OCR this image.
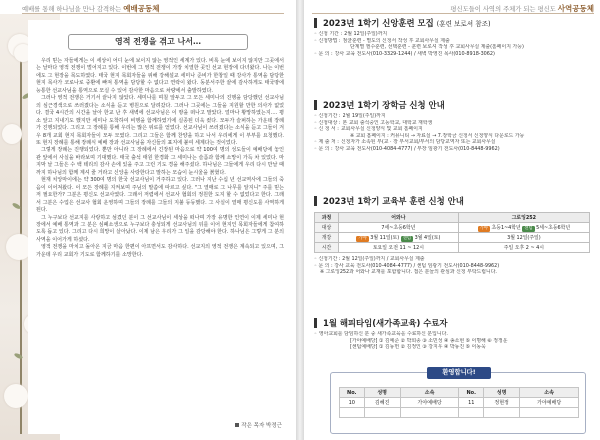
예배를 통해 하나님을 만나 감격하는 예배공동체
영적 전쟁을 겪고 나서…

우리 믿는 자들에게는 이 세상이 어디 눈에 보이지 않는 영적인 세계가 있다. 비록 눈에 보이지 않지만 그곳에서는 날마다 영적 전쟁이 벌어지고 있다. 이번에 그 영적 전쟁이 가장 치열한 곳인 선교 현장에 다녀왔다. 나는 이번에도 그 현장을 목도하였다. 태국 현지 목회자들을 위해 강해설교 세미나 준비가 한창일 때 강사가 통역을 담당한 현지 목사가 코로나로 중환에 빠져 통역을 담당할 수 없다고 연락이 왔다. 동분서주한 끝에 감사하게도 태국땅에 능통한 선교사님을 통역으로 모실 수 있어 감사한 마음으로 차량에서 출발하였다.

그러나 영적 전쟁은 거기서 끝나지 않았다. 세미나를 며칠 앞두고 그 모든 세미나의 진행을 담당했던 선교사님의 심근경색으로 쓰러졌다는 소식을 듣고 병원으로 달려갔다. 그러나 그곳에는 그들을 지원할 만한 의사가 없었다. 결국 4시간의 시간을 날아 한교 난 후 새벽에 선교사님은 이 땅을 떠나고 말았다. 얼마나 황망하였는지…. 평소 앞고 지내기도 했지만 세미나 도착하여 비행을 함께하였기에 실종된 더욱 컸다. 모두가 슬퍼하는 가운데 장례가 진행되었다. 그리고 그 장례를 통해 우리는 많은 위로를 얻었다. 선교사님이 쓰러졌다는 소식을 듣고 그들이 겨우 8개 교회 현지 목회자들이 모두 모였다. 그리고 그들은 함께 찬양을 하고 나서 우리에게 이 부부를 요청했다. 또 현지 장례를 통해 장례식 예배 장과 선교사님을 자신들의 표지에 붙여 세계다는 것이었다.

그렇게 장례는 진행되었다. 뿐만 아니라 그 장례에서 긴장된 마음으로 약 100여 명의 성도들이 예배당에 놓인 관 앞에서 사실을 바라보며 기대했다. 태국 출석 태원 한경화 그 세미나는 슬픔과 함께 소망이 가득 차 있었다. 마지막 날 그들은 수 백 테리의 감사 손에 있을 주고 그런 기도 경을 해주셨다. 하나님은 그들에게 우리 다시 만날 때 까지 하나님의 함께 계셔 줄 거라고 신앙을 사랑한다고 말하는 모습이 눈시울을 붉혔다.

현재 치앙마이에는 약 300여 명의 한국 선교사님이 거주하고 있다. 그러나 지난 수십 년 선교역사에 그들의 죽음이 이어져왔다. 이 모든 장례를 지켜보며 주님의 말씀에 따르고 싶다. "그 열매로 그 나무를 알지니" 주를 믿는 저 필요한가? 그분은 평신도 선교사였다. 그래서 저렴에서 선교사 협회의 정원한 도지 할 수 없었다고 한다. 그래서 그분은 수업은 선교사 협회 운영하며 그들의 장례를 그들의 지불 등등했다. 그 사실이 열매 평신도를 사역하게 된다.

그 누구보다 선교지를 사랑하고 섬겼던 분이 그 선교사님이 세상을 떠나며 가장 유명한 인연이 이제 세미나 현장에서 예배 통역과 그 분은 심폐소생으로 누구보다 충성되게 선교사님의 뒤를 이어 현지인 목회자들에게 참여하도록 돕고 있다. 그리고 다시 희망이 살아났다. 이제 남은 우리가 그 일을 감당해야 한다. 하나님은 그렇게 그 분의 사역을 이어가게 하셨다.

영적 전쟁을 마치고 돌아온 지금 마음 한편이 아프면서도 감사하다. 선교지의 영적 전쟁은 계속되고 있으며, 그 가운데 우리 교회가 기도로 함께하기를 소망한다.

작은 목자 박정근
평신도들이 사역의 주체가 되는 평신도 사역공동체
2023년 1학기 신앙훈련 모집 (훈련 보로셔 참조)
◦ 신청 기간 : 2월 12일(주일)까지
◦ 신청방법 : 점균훈련 - 별도의 신청서 작성 후 교회사무실 제출
단계별 필수훈련, 선택훈련 - 훈련 보로셔 작성 후 교회사무실 제출(홈페이지 가능)
◦ 문 의 : 강사 교육 전도사(010-3329-1244) / 새벽 박영진 목사(010-8918-3062)
2023년 1학기 장학금 신청 안내
◦ 신청기간 : 2월 19일(주일)까지
◦ 신청대상 : 본 교회 출석중인 고등학교, 대학교 재학생
◦ 신 청 서 : 교회사무실 신청양식 및 교회 홈페이지
※ 교회 홈페이지 : 커뮤니티 → 자료실 → 7.장학금 신청서 신청양식 다운로드 가능
◦ 제 출 처 : 신청자가 소속된 부(교 · 장 부서교회/부서의 담당교역자 또는 교회사무실
◦ 문 의 : 강사 교육 전도사(010-4084-4777) / 부장 임광기 전도사(010-8448-9962)
2023년 1학기 교육부 훈련 신청 안내
1월 해피타임(새가족교육) 수료자
◦ 영아교회를 담임하신 분 중 새가족교육을 수료하신 분입니다.
[가야예배당] ① 김예준 ② 박희종 ③ 소민성 ④ 송소현 ⑤ 이명해 ⑥ 정정운
[센텀예배당] ① 김동헌 ② 김정인 ③ 강지우 ④ 박동진 ⑤ 이동욱
과정	어와나	그로잉252
대상	7세~초등6학년	가야 초등1~4학년 센텀 5세~초등6학년
개강	가야 3월 11일(토) 센텀 3월 4일(토)	3월 12일(주일)
시간	토요일 오전 11 ~ 12시	주일 오후 2 ~ 4시
◦ 신청기간 : 2월 12일(주일)까지 / 교회사무실 제출
◦ 문 의 : 강사 교육 전도사(010-4084-4777) / 센텀 임광기 전도사(010-8448-9962)
※ 그로잉252과 어와나 교재를 포함합니다. 접은 분들의 관심과 신청 부탁드립니다.
환영합니다!
No.	성명	소속	No.	성명	소속
10	김혜진	가야예배당	11	정현정	가야예배당
